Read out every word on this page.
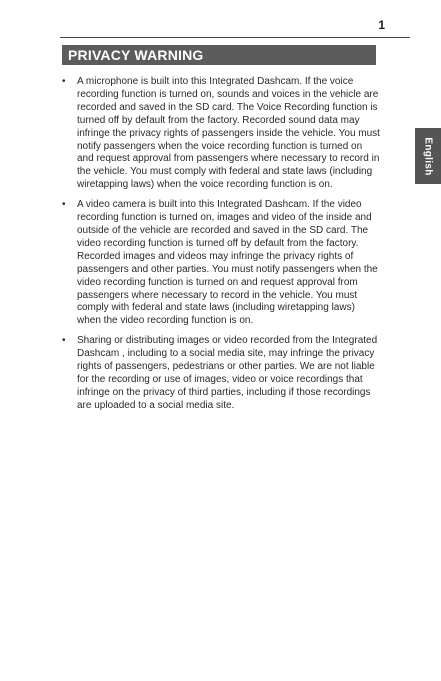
1
English
PRIVACY WARNING
• A microphone is built into this Integrated Dashcam. If the voice recording function is turned on, sounds and voices in the vehicle are recorded and saved in the SD card. The Voice Recording function is turned off by default from the factory. Recorded sound data may infringe the privacy rights of passengers inside the vehicle. You must notify passengers when the voice recording function is turned on and request approval from passengers where necessary to record in the vehicle. You must comply with federal and state laws (including wiretapping laws) when the voice recording function is on.
• A video camera is built into this Integrated Dashcam. If the video recording function is turned on, images and video of the inside and outside of the vehicle are recorded and saved in the SD card. The video recording function is turned off by default from the factory. Recorded images and videos may infringe the privacy rights of passengers and other parties. You must notify passengers when the video recording function is turned on and request approval from passengers where necessary to record in the vehicle. You must comply with federal and state laws (including wiretapping laws) when the video recording function is on.
• Sharing or distributing images or video recorded from the Integrated Dashcam , including to a social media site, may infringe the privacy rights of passengers, pedestrians or other parties. We are not liable for the recording or use of images, video or voice recordings that infringe on the privacy of third parties, including if those recordings are uploaded to a social media site.
